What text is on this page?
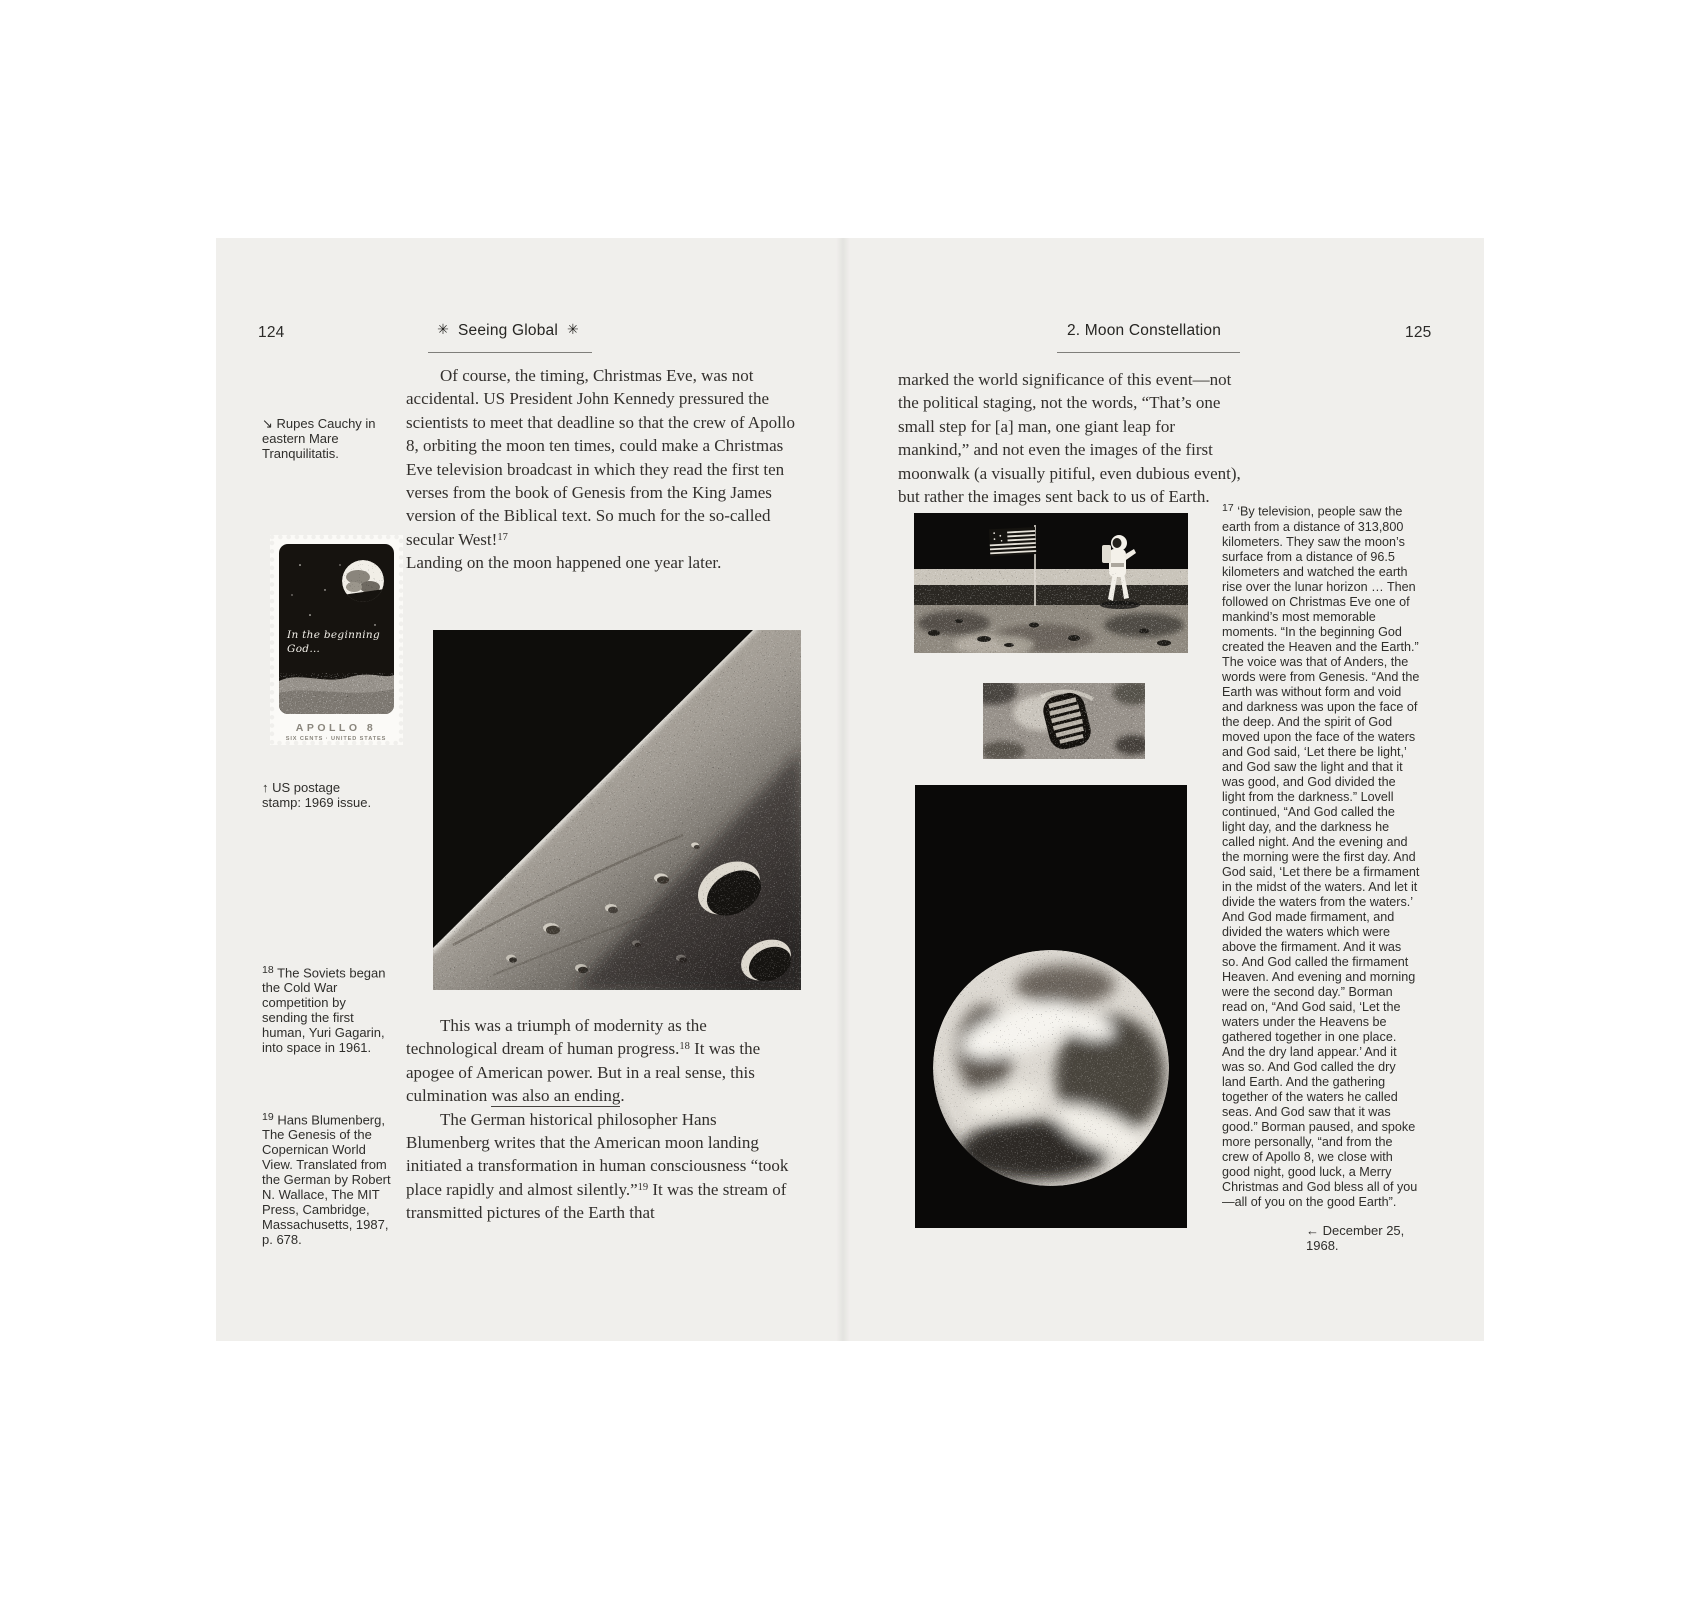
124	✳ Seeing Global ✳
↘ Rupes Cauchy in eastern Mare Tranquilitatis.
In the beginning
God…
APOLLO 8
SIX CENTS · UNITED STATES
↑ US postage stamp: 1969 issue.
$^{18}$ The Soviets began the Cold War competition by sending the first human, Yuri Gagarin, into space in 1961.
$^{19}$ Hans Blumenberg, The Genesis of the Copernican World View. Translated from the German by Robert N. Wallace, The MIT Press, Cambridge, Massachusetts, 1987, p. 678.

Of course, the timing, Christmas Eve, was not accidental. US President John Kennedy pressured the scientists to meet that deadline so that the crew of Apollo 8, orbiting the moon ten times, could make a Christmas Eve television broadcast in which they read the first ten verses from the book of Genesis from the King James version of the Biblical text. So much for the so-called secular West!$^{17}$

Landing on the moon happened one year later.

This was a triumph of modernity as the technological dream of human progress.$^{18}$ It was the apogee of American power. But in a real sense, this culmination was also an ending.

The German historical philosopher Hans Blumenberg writes that the American moon landing initiated a transformation in human consciousness “took place rapidly and almost silently.”$^{19}$ It was the stream of transmitted pictures of the Earth that

2. Moon Constellation	125

marked the world significance of this event—not the political staging, not the words, “That’s one small step for [a] man, one giant leap for mankind,” and not even the images of the first moonwalk (a visually pitiful, even dubious event), but rather the images sent back to us of Earth.

$^{17}$ ‘By television, people saw the earth from a distance of 313,800 kilometers. They saw the moon’s surface from a distance of 96.5 kilometers and watched the earth rise over the lunar horizon … Then followed on Christmas Eve one of mankind’s most memorable moments. “In the beginning God created the Heaven and the Earth.” The voice was that of Anders, the words were from Genesis. “And the Earth was without form and void and darkness was upon the face of the deep. And the spirit of God moved upon the face of the waters and God said, ‘Let there be light,’ and God saw the light and that it was good, and God divided the light from the darkness.” Lovell continued, “And God called the light day, and the darkness he called night. And the evening and the morning were the first day. And God said, ‘Let there be a firmament in the midst of the waters. And let it divide the waters from the waters.’ And God made firmament, and divided the waters which were above the firmament. And it was so. And God called the firmament Heaven. And evening and morning were the second day.” Borman read on, “And God said, ‘Let the waters under the Heavens be gathered together in one place. And the dry land appear.’ And it was so. And God called the dry land Earth. And the gathering together of the waters he called seas. And God saw that it was good.” Borman paused, and spoke more personally, “and from the crew of Apollo 8, we close with good night, good luck, a Merry Christmas and God bless all of you—all of you on the good Earth”.
← December 25, 1968.
